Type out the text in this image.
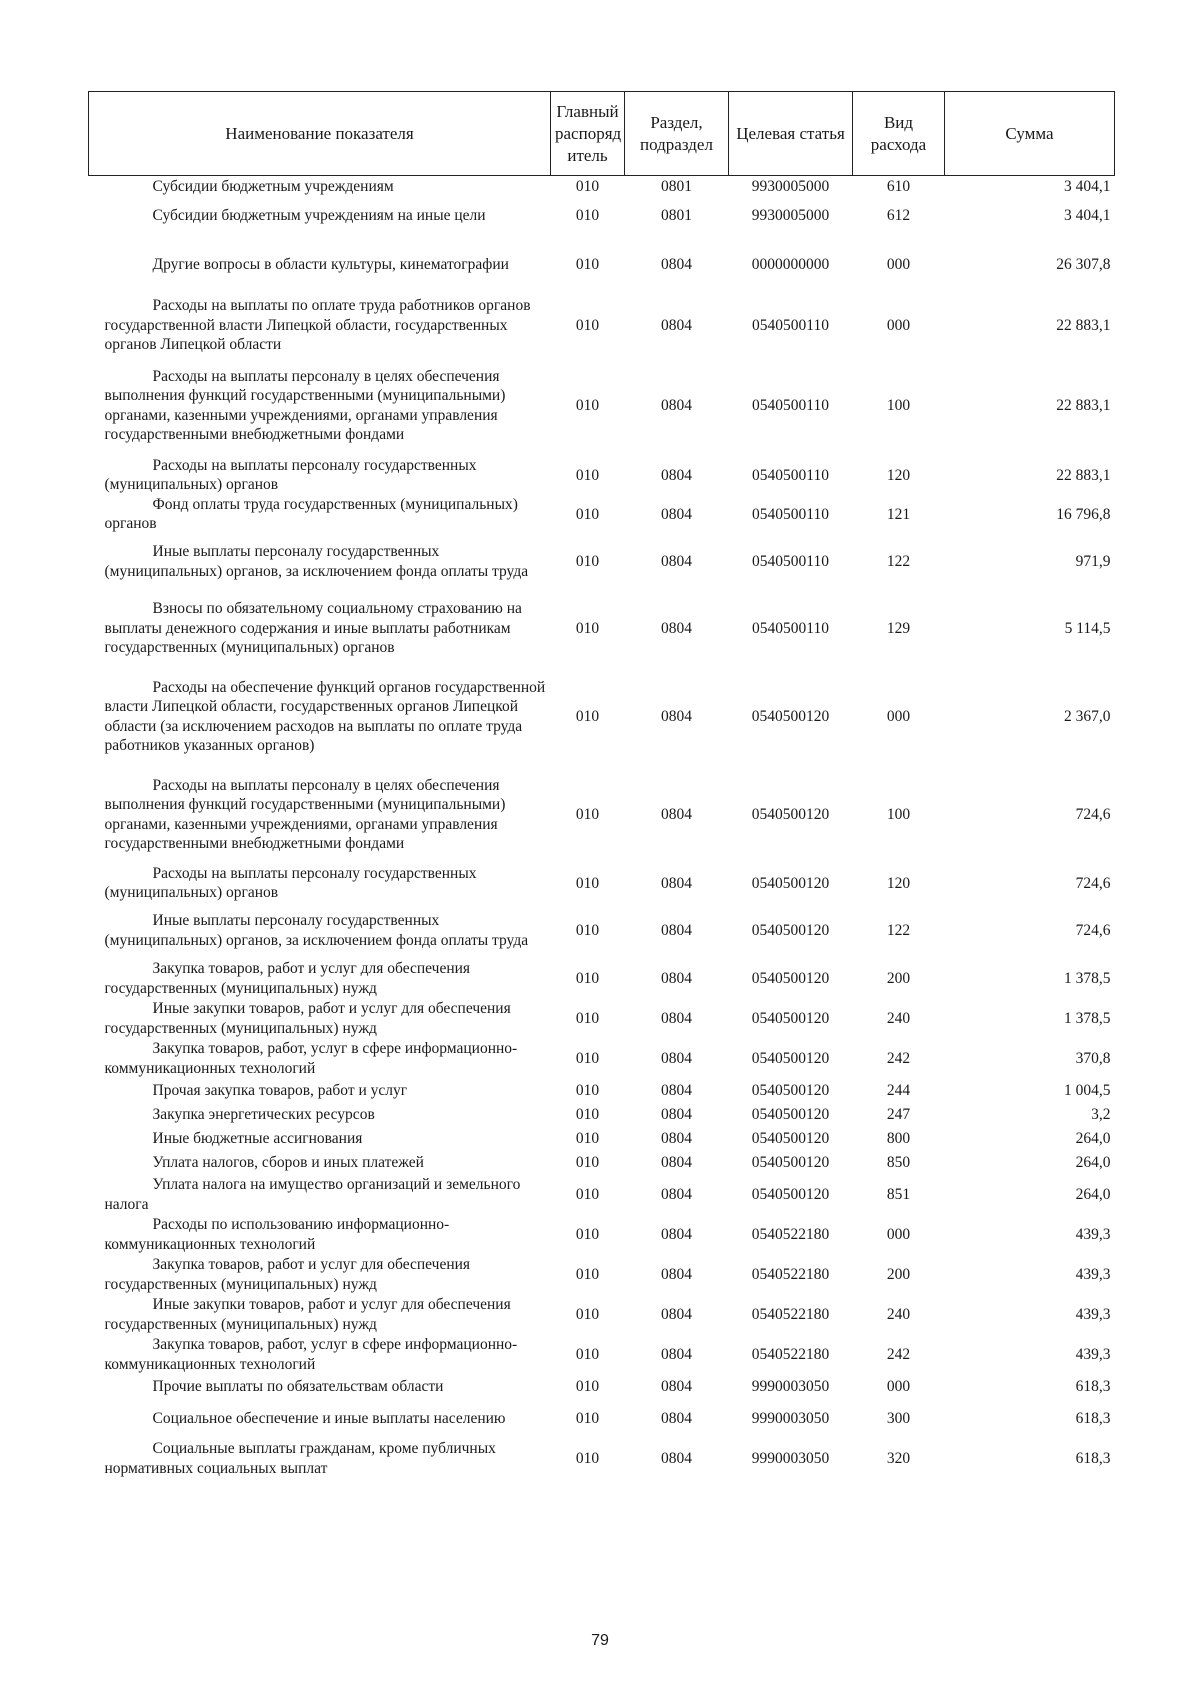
Наименование показателя	Главный распоряд итель	Раздел, подраздел	Целевая статья	Вид расхода	Сумма
Субсидии бюджетным учреждениям	010	0801	9930005000	610	3 404,1
Субсидии бюджетным учреждениям на иные цели	010	0801	9930005000	612	3 404,1

Другие вопросы в области культуры, кинематографии	010	0804	0000000000	000	26 307,8

Расходы на выплаты по оплате труда работников органов государственной власти Липецкой области, государственных органов Липецкой области	010	0804	0540500110	000	22 883,1
Расходы на выплаты персоналу в целях обеспечения выполнения функций государственными (муниципальными) органами, казенными учреждениями, органами управления государственными внебюджетными фондами	010	0804	0540500110	100	22 883,1
Расходы на выплаты персоналу государственных (муниципальных) органов	010	0804	0540500110	120	22 883,1
Фонд оплаты труда государственных (муниципальных) органов	010	0804	0540500110	121	16 796,8
Иные выплаты персоналу государственных (муниципальных) органов, за исключением фонда оплаты труда	010	0804	0540500110	122	971,9
Взносы по обязательному социальному страхованию на выплаты денежного содержания и иные выплаты работникам государственных (муниципальных) органов	010	0804	0540500110	129	5 114,5
Расходы на обеспечение функций органов государственной власти Липецкой области, государственных органов Липецкой области (за исключением расходов на выплаты по оплате труда работников указанных органов)	010	0804	0540500120	000	2 367,0
Расходы на выплаты персоналу в целях обеспечения выполнения функций государственными (муниципальными) органами, казенными учреждениями, органами управления государственными внебюджетными фондами	010	0804	0540500120	100	724,6
Расходы на выплаты персоналу государственных (муниципальных) органов	010	0804	0540500120	120	724,6
Иные выплаты персоналу государственных (муниципальных) органов, за исключением фонда оплаты труда	010	0804	0540500120	122	724,6
Закупка товаров, работ и услуг для обеспечения государственных (муниципальных) нужд	010	0804	0540500120	200	1 378,5
Иные закупки товаров, работ и услуг для обеспечения государственных (муниципальных) нужд	010	0804	0540500120	240	1 378,5
Закупка товаров, работ, услуг в сфере информационно-коммуникационных технологий	010	0804	0540500120	242	370,8
Прочая закупка товаров, работ и услуг	010	0804	0540500120	244	1 004,5
Закупка энергетических ресурсов	010	0804	0540500120	247	3,2
Иные бюджетные ассигнования	010	0804	0540500120	800	264,0
Уплата налогов, сборов и иных платежей	010	0804	0540500120	850	264,0
Уплата налога на имущество организаций и земельного налога	010	0804	0540500120	851	264,0
Расходы по использованию информационно-коммуникационных технологий	010	0804	0540522180	000	439,3
Закупка товаров, работ и услуг для обеспечения государственных (муниципальных) нужд	010	0804	0540522180	200	439,3
Иные закупки товаров, работ и услуг для обеспечения государственных (муниципальных) нужд	010	0804	0540522180	240	439,3
Закупка товаров, работ, услуг в сфере информационно-коммуникационных технологий	010	0804	0540522180	242	439,3
Прочие выплаты по обязательствам области	010	0804	9990003050	000	618,3
Социальное обеспечение и иные выплаты населению	010	0804	9990003050	300	618,3
Социальные выплаты гражданам, кроме публичных нормативных социальных выплат	010	0804	9990003050	320	618,3
79
